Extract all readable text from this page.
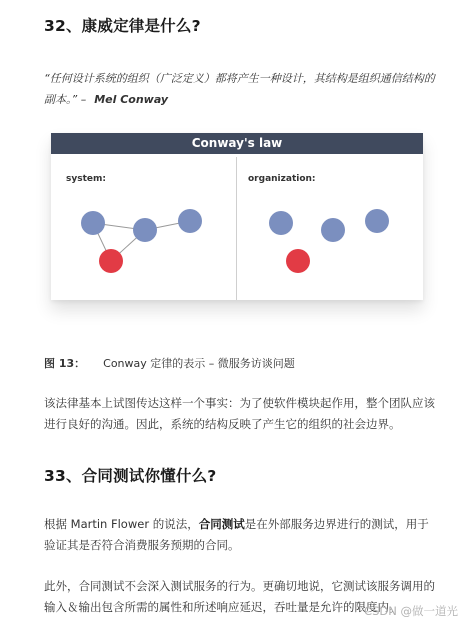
32、康威定律是什么?
“任何设计系统的组织（广泛定义）都将产生一种设计，其结构是组织通信结构的副本。” – Mel Conway
Conway's law
system:	organization:
图 13： Conway 定律的表示 – 微服务访谈问题
该法律基本上试图传达这样一个事实：为了使软件模块起作用，整个团队应该进行良好的沟通。因此，系统的结构反映了产生它的组织的社会边界。
33、合同测试你懂什么?
根据 Martin Flower 的说法，合同测试是在外部服务边界进行的测试，用于验证其是否符合消费服务预期的合同。
此外，合同测试不会深入测试服务的行为。更确切地说，它测试该服务调用的输入＆输出包含所需的属性和所述响应延迟，吞吐量是允许的限度内。
CSDN @做一道光
